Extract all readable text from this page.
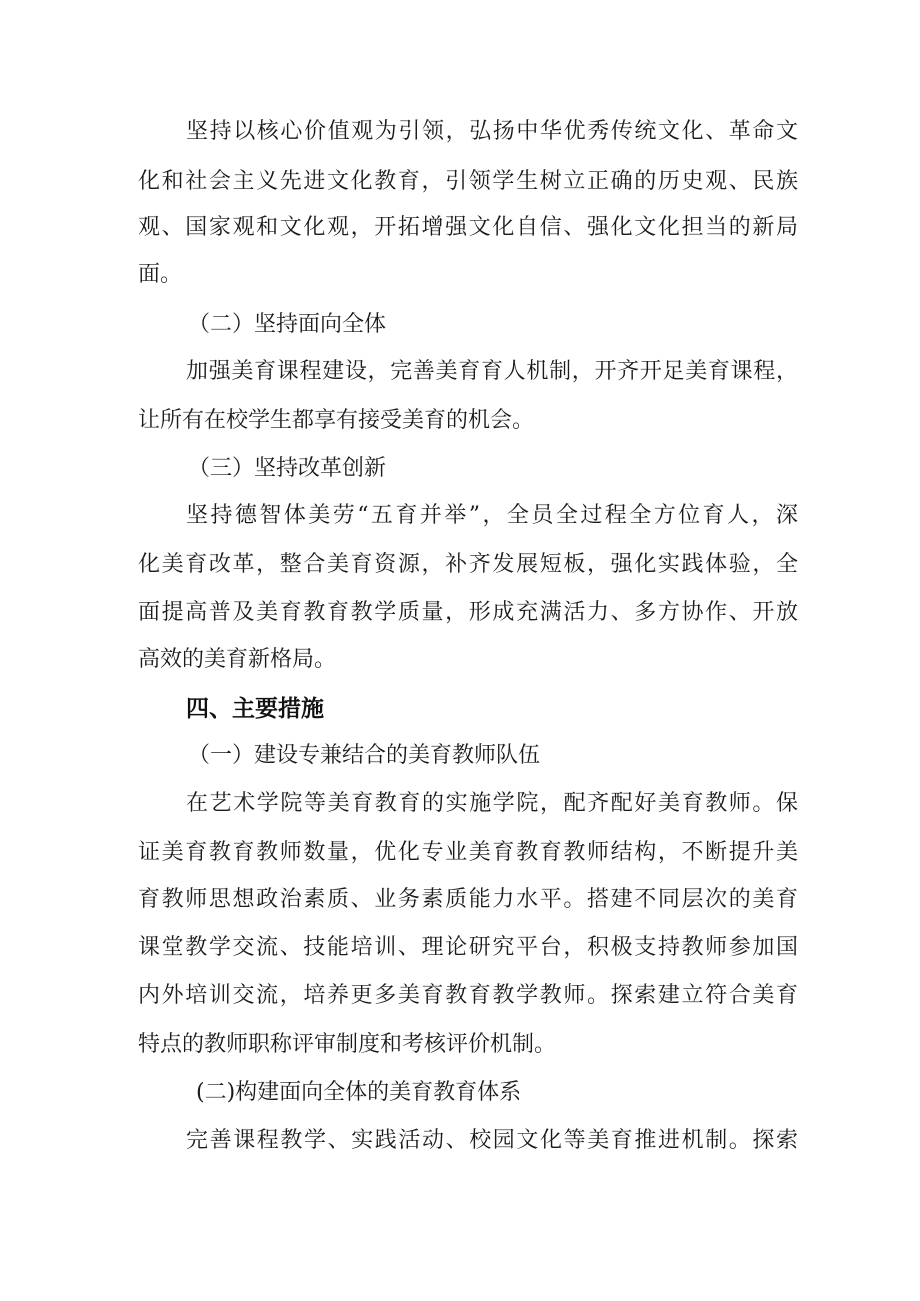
坚持以核心价值观为引领，弘扬中华优秀传统文化、革命文
化和社会主义先进文化教育，引领学生树立正确的历史观、民族
观、国家观和文化观，开拓增强文化自信、强化文化担当的新局
面。
（二）坚持面向全体
加强美育课程建设，完善美育育人机制，开齐开足美育课程，
让所有在校学生都享有接受美育的机会。
（三）坚持改革创新
坚持德智体美劳“五育并举”，全员全过程全方位育人，深
化美育改革，整合美育资源，补齐发展短板，强化实践体验，全
面提高普及美育教育教学质量，形成充满活力、多方协作、开放
高效的美育新格局。
四、主要措施
（一）建设专兼结合的美育教师队伍
在艺术学院等美育教育的实施学院，配齐配好美育教师。保
证美育教育教师数量，优化专业美育教育教师结构，不断提升美
育教师思想政治素质、业务素质能力水平。搭建不同层次的美育
课堂教学交流、技能培训、理论研究平台，积极支持教师参加国
内外培训交流，培养更多美育教育教学教师。探索建立符合美育
特点的教师职称评审制度和考核评价机制。
(二)构建面向全体的美育教育体系
完善课程教学、实践活动、校园文化等美育推进机制。探索
